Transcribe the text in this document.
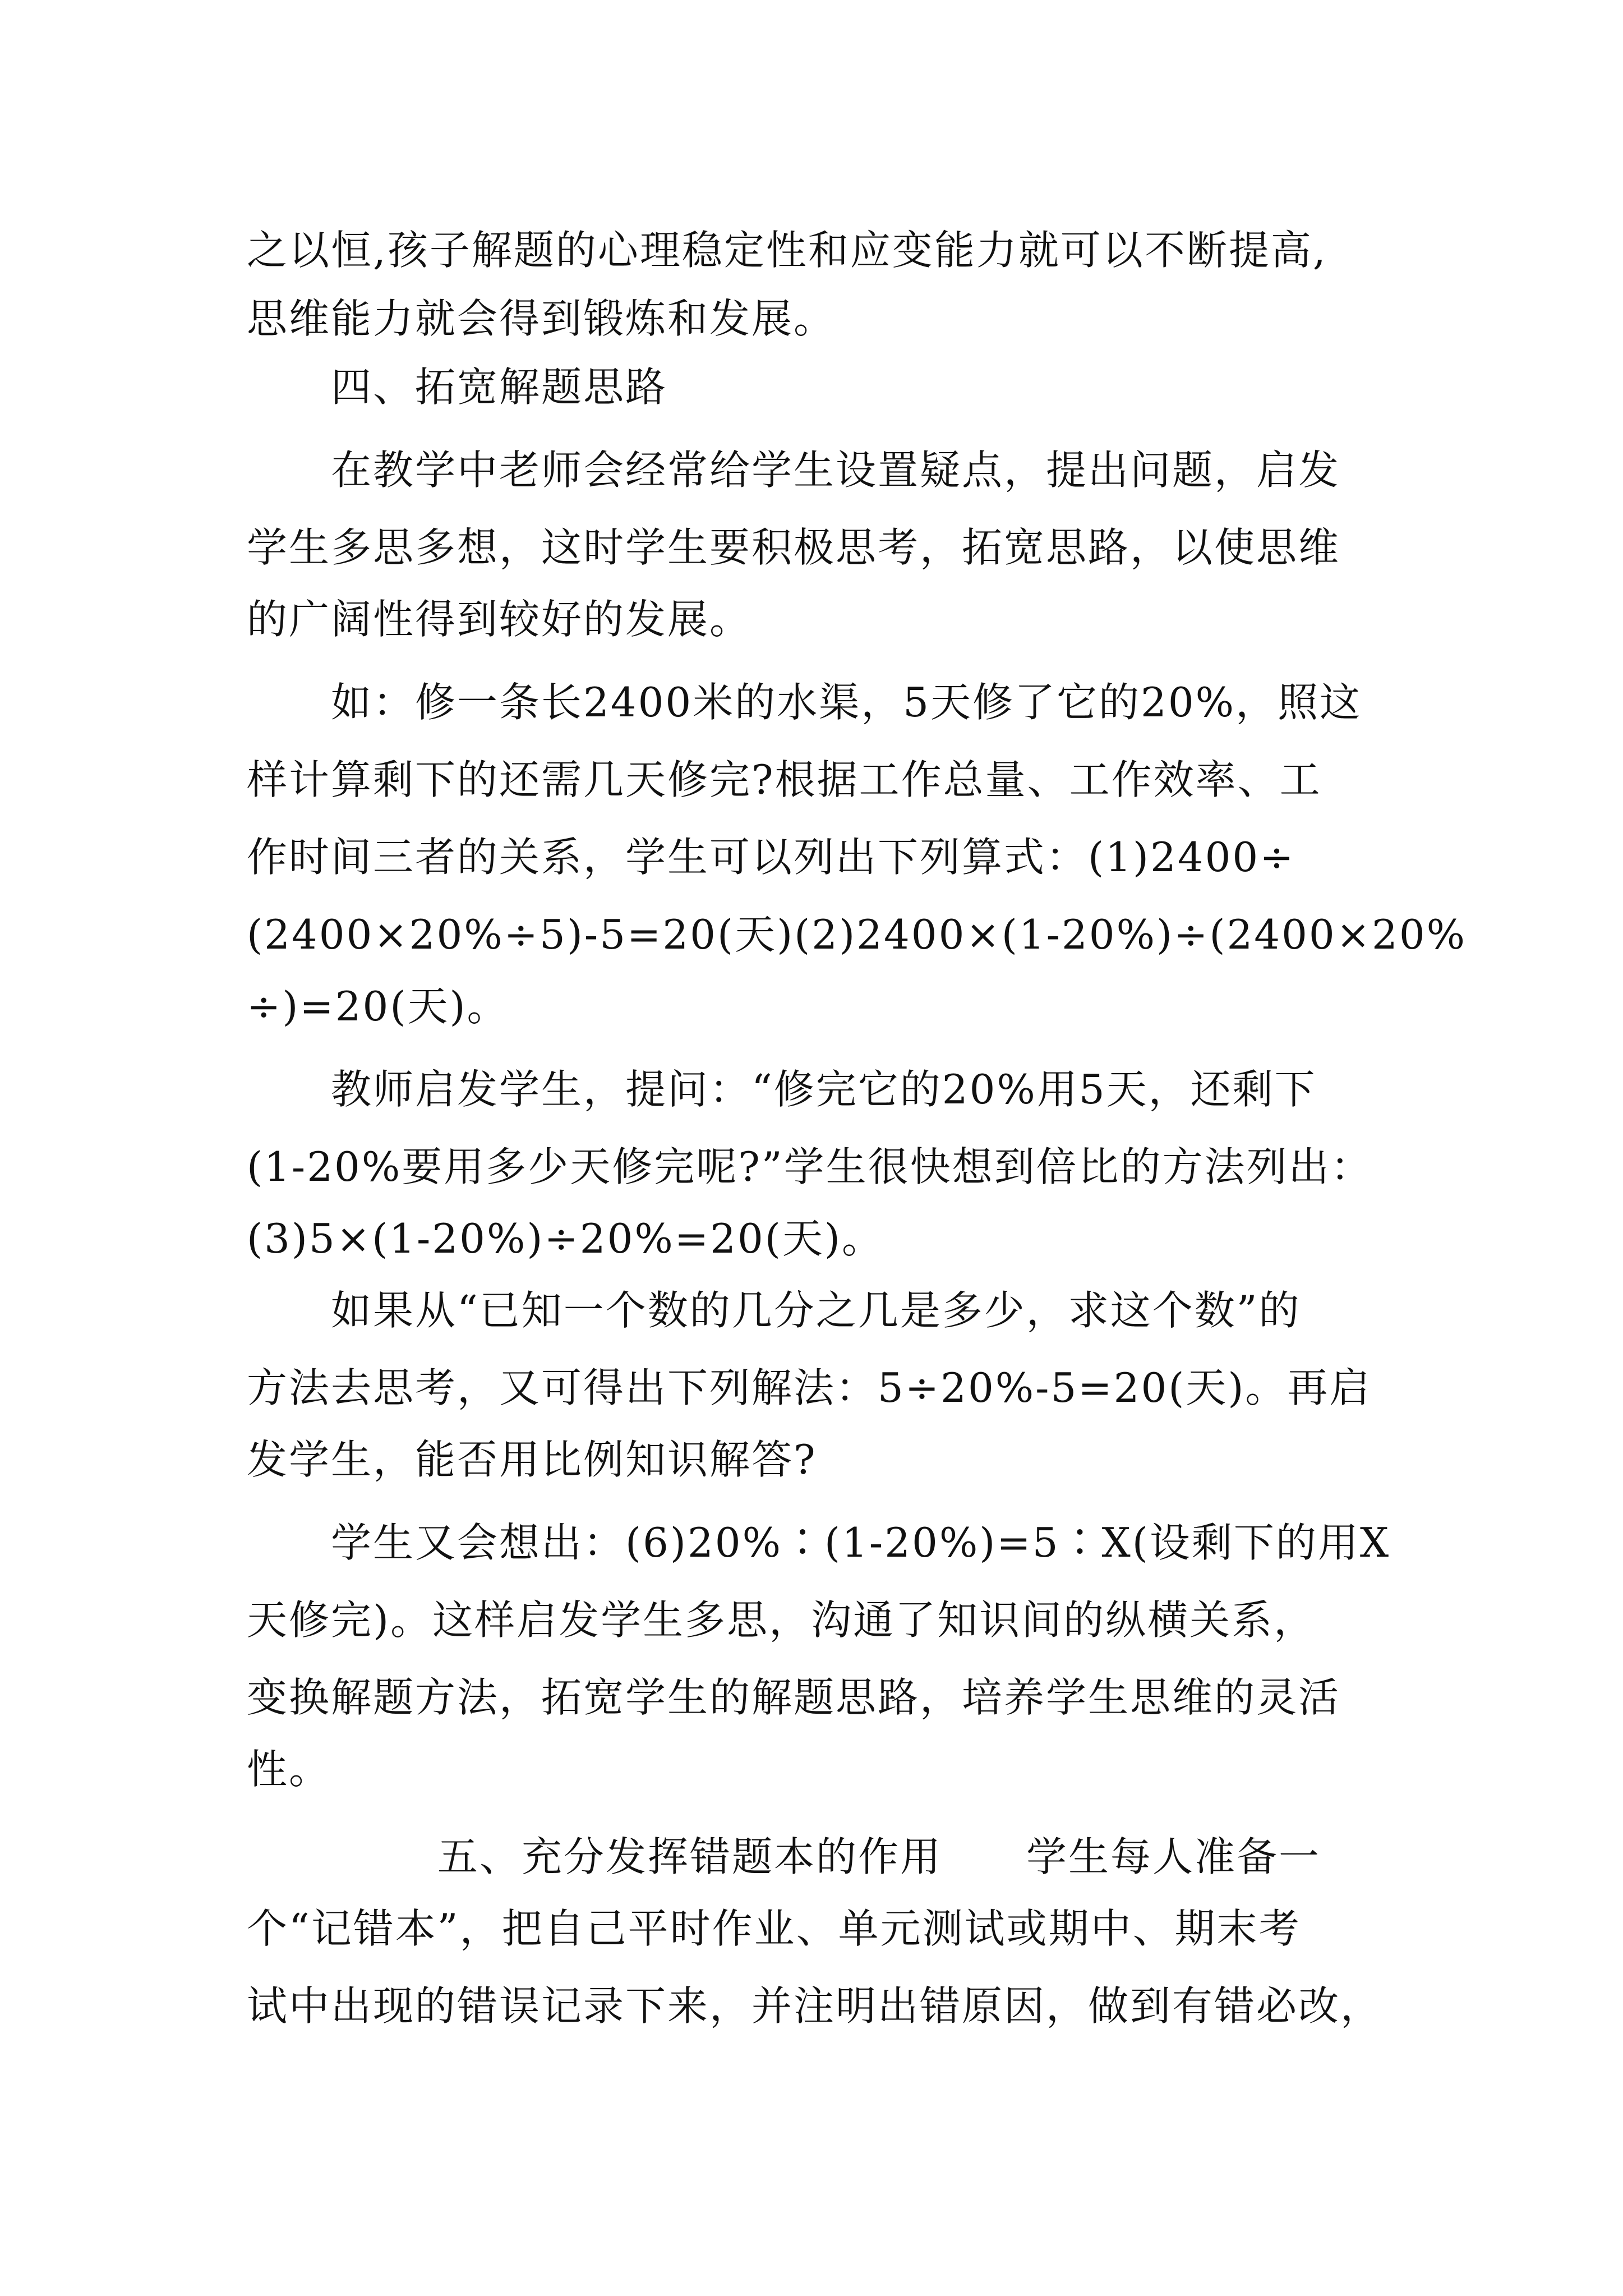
之以恒,孩子解题的心理稳定性和应变能力就可以不断提高,
思维能力就会得到锻炼和发展。
四、拓宽解题思路
在教学中老师会经常给学生设置疑点，提出问题，启发
学生多思多想，这时学生要积极思考，拓宽思路，以使思维
的广阔性得到较好的发展。
如：修一条长2400米的水渠，5天修了它的20%，照这
样计算剩下的还需几天修完?根据工作总量、工作效率、工
作时间三者的关系，学生可以列出下列算式：(1)2400÷
(2400×20%÷5)-5=20(天)(2)2400×(1-20%)÷(2400×20%
÷)=20(天)。
教师启发学生，提问：“修完它的20%用5天，还剩下
(1-20%要用多少天修完呢?”学生很快想到倍比的方法列出：
(3)5×(1-20%)÷20%=20(天)。
如果从“已知一个数的几分之几是多少，求这个数”的
方法去思考，又可得出下列解法：5÷20%-5=20(天)。再启
发学生，能否用比例知识解答?
学生又会想出：(6)20%∶(1-20%)=5∶X(设剩下的用X
天修完)。这样启发学生多思，沟通了知识间的纵横关系，
变换解题方法，拓宽学生的解题思路，培养学生思维的灵活
性。
五、充分发挥错题本的作用　　学生每人准备一
个“记错本”，把自己平时作业、单元测试或期中、期末考
试中出现的错误记录下来，并注明出错原因，做到有错必改，
